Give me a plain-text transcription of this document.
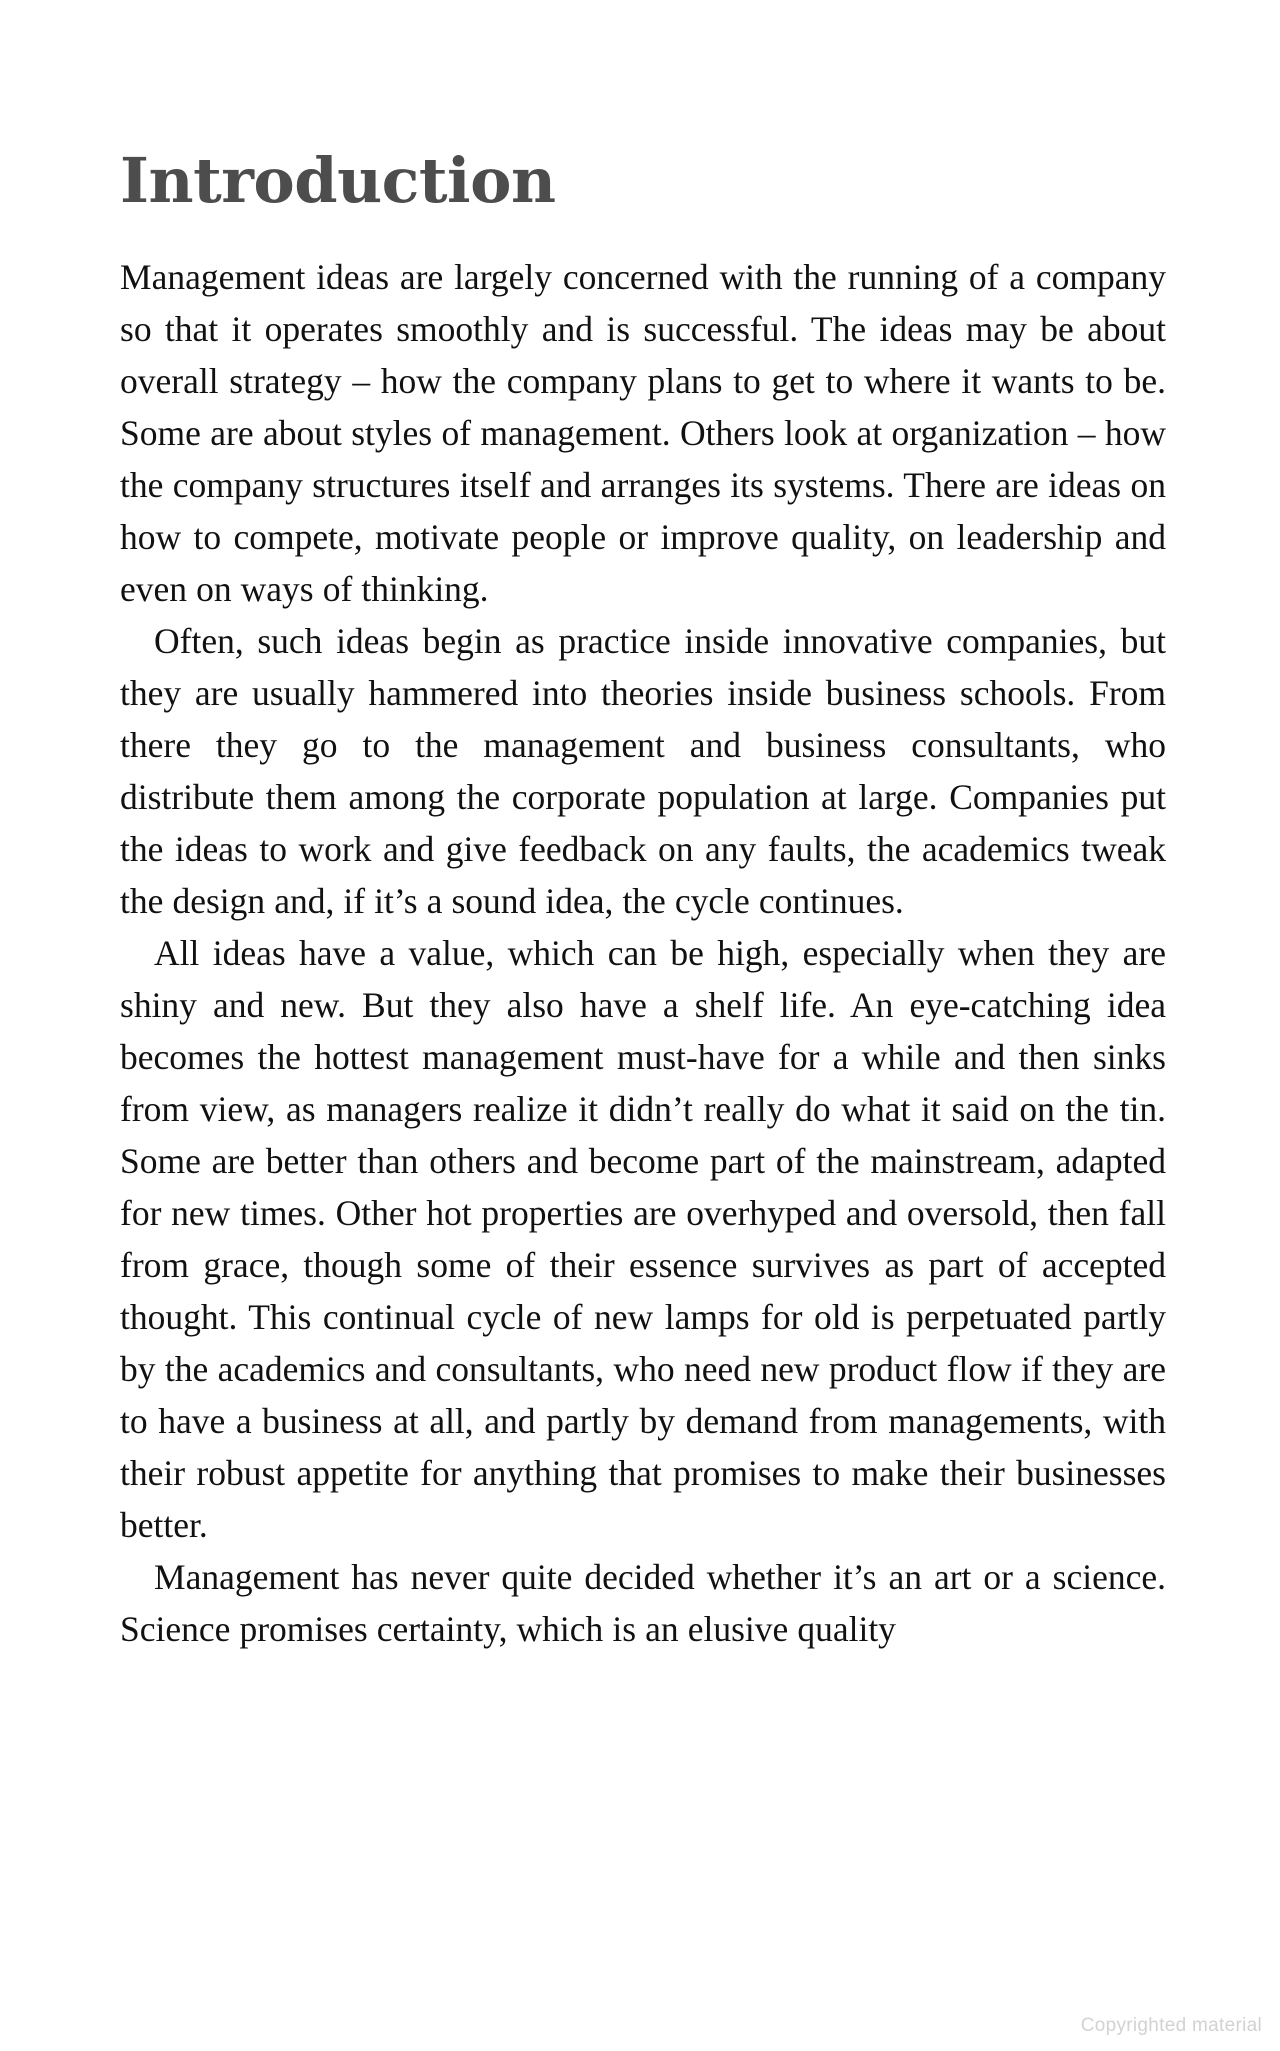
Introduction

Management ideas are largely concerned with the running of a company so that it operates smoothly and is successful. The ideas may be about overall strategy – how the company plans to get to where it wants to be. Some are about styles of management. Others look at organization – how the company structures itself and arranges its systems. There are ideas on how to compete, motivate people or improve quality, on leadership and even on ways of thinking.

Often, such ideas begin as practice inside innovative companies, but they are usually hammered into theories inside business schools. From there they go to the management and business consultants, who distribute them among the corporate population at large. Companies put the ideas to work and give feedback on any faults, the academics tweak the design and, if it’s a sound idea, the cycle continues.

All ideas have a value, which can be high, especially when they are shiny and new. But they also have a shelf life. An eye-catching idea becomes the hottest management must-have for a while and then sinks from view, as managers realize it didn’t really do what it said on the tin. Some are better than others and become part of the mainstream, adapted for new times. Other hot properties are overhyped and oversold, then fall from grace, though some of their essence survives as part of accepted thought. This continual cycle of new lamps for old is perpetuated partly by the academics and consultants, who need new product flow if they are to have a business at all, and partly by demand from managements, with their robust appetite for anything that promises to make their businesses better.

Management has never quite decided whether it’s an art or a science. Science promises certainty, which is an elusive quality

Copyrighted material
